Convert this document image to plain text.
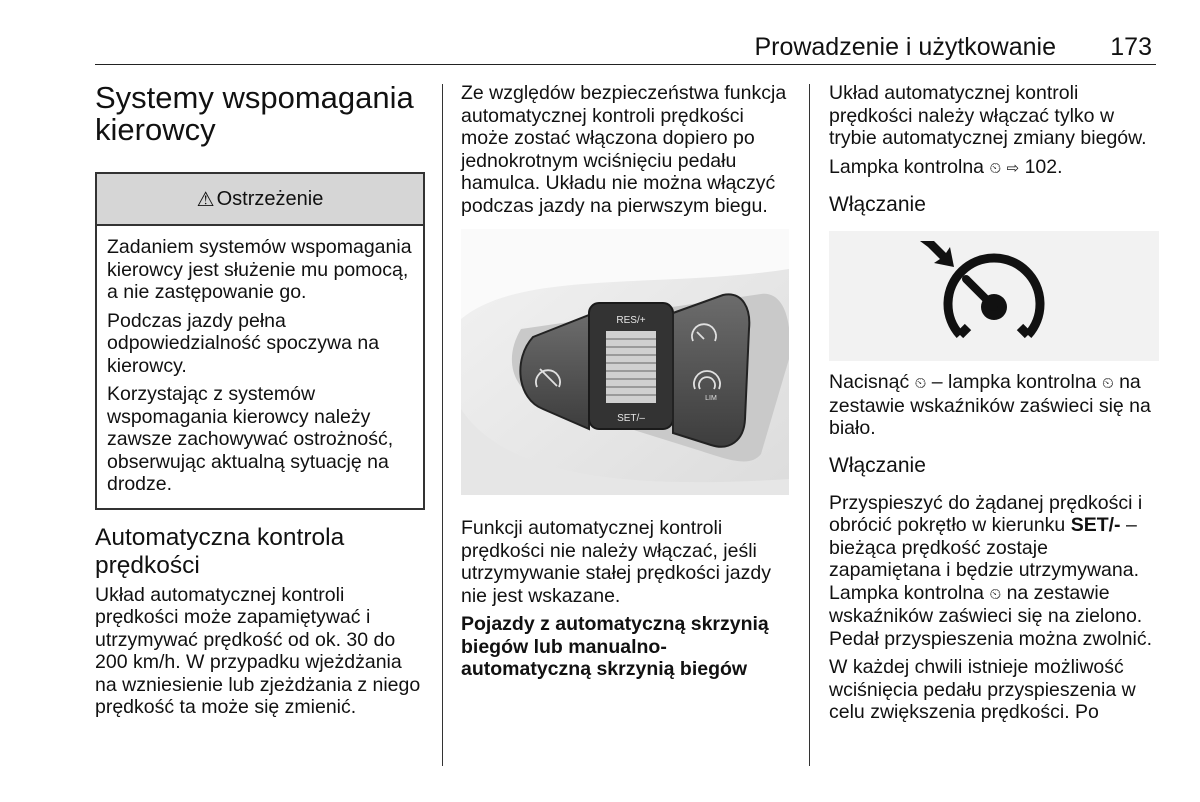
Prowadzenie i użytkowanie 173
Systemy wspomagania kierowcy
⚠ Ostrzeżenie

Zadaniem systemów wspomagania kierowcy jest służenie mu pomocą, a nie zastępowanie go.

Podczas jazdy pełna odpowiedzialność spoczywa na kierowcy.

Korzystając z systemów wspomagania kierowcy należy zawsze zachowywać ostrożność, obserwując aktualną sytuację na drodze.

Automatyczna kontrola prędkości

Układ automatycznej kontroli prędkości może zapamiętywać i utrzymywać prędkość od ok. 30 do 200 km/h. W przypadku wjeżdżania na wzniesienie lub zjeżdżania z niego prędkość ta może się zmienić.

Ze względów bezpieczeństwa funkcja automatycznej kontroli prędkości może zostać włączona dopiero po jednokrotnym wciśnięciu pedału hamulca. Układu nie można włączyć podczas jazdy na pierwszym biegu.

RES/+
SET/–
LIM

Funkcji automatycznej kontroli prędkości nie należy włączać, jeśli utrzymywanie stałej prędkości jazdy nie jest wskazane.

Pojazdy z automatyczną skrzynią biegów lub manualno-automatyczną skrzynią biegów

Układ automatycznej kontroli prędkości należy włączać tylko w trybie automatycznej zmiany biegów.

Lampka kontrolna ⏲ ⇨ 102.

Włączanie

Nacisnąć ⏲ – lampka kontrolna ⏲ na zestawie wskaźników zaświeci się na biało.

Włączanie

Przyspieszyć do żądanej prędkości i obrócić pokrętło w kierunku SET/- – bieżąca prędkość zostaje zapamiętana i będzie utrzymywana. Lampka kontrolna ⏲ na zestawie wskaźników zaświeci się na zielono. Pedał przyspieszenia można zwolnić.

W każdej chwili istnieje możliwość wciśnięcia pedału przyspieszenia w celu zwiększenia prędkości. Po
